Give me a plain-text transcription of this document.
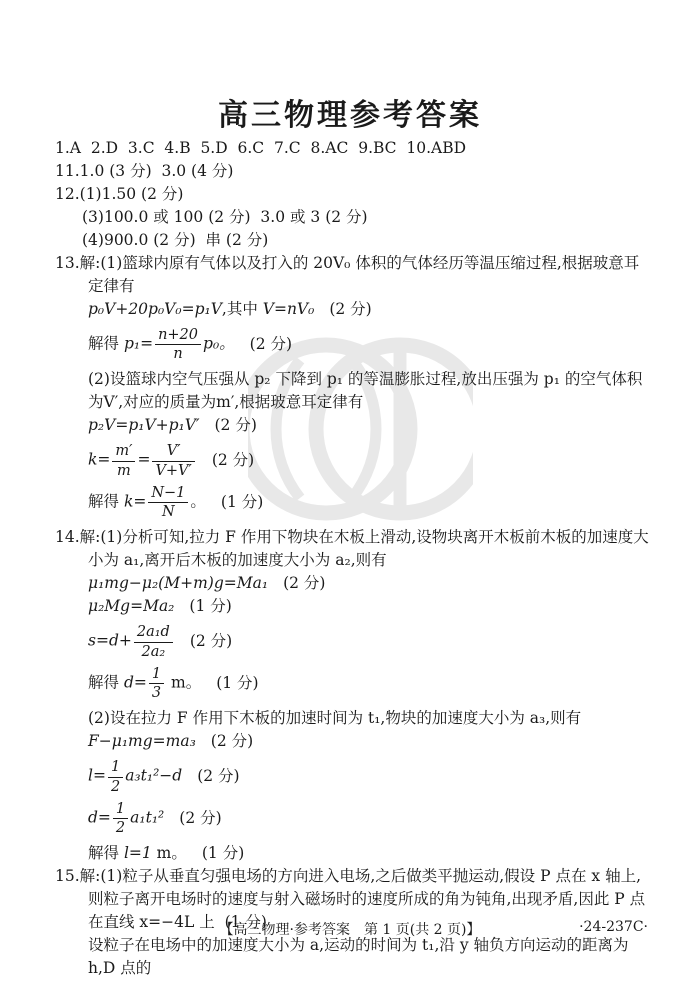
高三物理参考答案
1.A  2.D  3.C  4.B  5.D  6.C  7.C  8.AC  9.BC  10.ABD
11.1.0 (3 分)  3.0 (4 分)
12.(1)1.50 (2 分)
(3)100.0 或 100 (2 分)  3.0 或 3 (2 分)
(4)900.0 (2 分)  串 (2 分)
13.解:(1)篮球内原有气体以及打入的 20V₀ 体积的气体经历等温压缩过程,根据玻意耳定律有
p₀V+20p₀V₀=p₁V,其中 V=nV₀ (2 分)
解得 $p_1= \frac{n+20}{n} p_0$。 (2 分)
(2)设篮球内空气压强从 p₂ 下降到 p₁ 的等温膨胀过程,放出压强为 p₁ 的空气体积为V′,对应的质量为m′,根据玻意耳定律有
p₂V=p₁V+p₁V′ (2 分)
$k= \frac{m'}{m} = \frac{V'}{V+V'} (2$ 分)
解得 $k= \frac{N-1}{N}$ 。 (1 分)
14.解:(1)分析可知,拉力 F 作用下物块在木板上滑动,设物块离开木板前木板的加速度大小为 a₁,离开后木板的加速度大小为 a₂,则有
μ₁mg−μ₂(M+m)g=Ma₁ (2 分)
μ₂Mg=Ma₂ (1 分)
$s=d+ \frac{\text{2a₁d}}{\text{2a₂}} (2$ 分)
解得 $d= \frac{1}{3}$ m。 (1 分)
(2)设在拉力 F 作用下木板的加速时间为 t₁,物块的加速度大小为 a₃,则有
F−μ₁mg=ma₃ (2 分)
$l= \frac{1}{2} a_3t_1^2-d$ (2 分)
$d= \frac{1}{2} a_1t_1^2$ (2 分)
解得 l=1 m。 (1 分)
15.解:(1)粒子从垂直匀强电场的方向进入电场,之后做类平抛运动,假设 P 点在 x 轴上,则粒子离开电场时的速度与射入磁场时的速度所成的角为钝角,出现矛盾,因此 P 点在直线 x=−4L 上  (1 分)
设粒子在电场中的加速度大小为 a,运动的时间为 t₁,沿 y 轴负方向运动的距离为 h,D 点的
【高三物理·参考答案　第 1 页(共 2 页)】	·24-237C·
